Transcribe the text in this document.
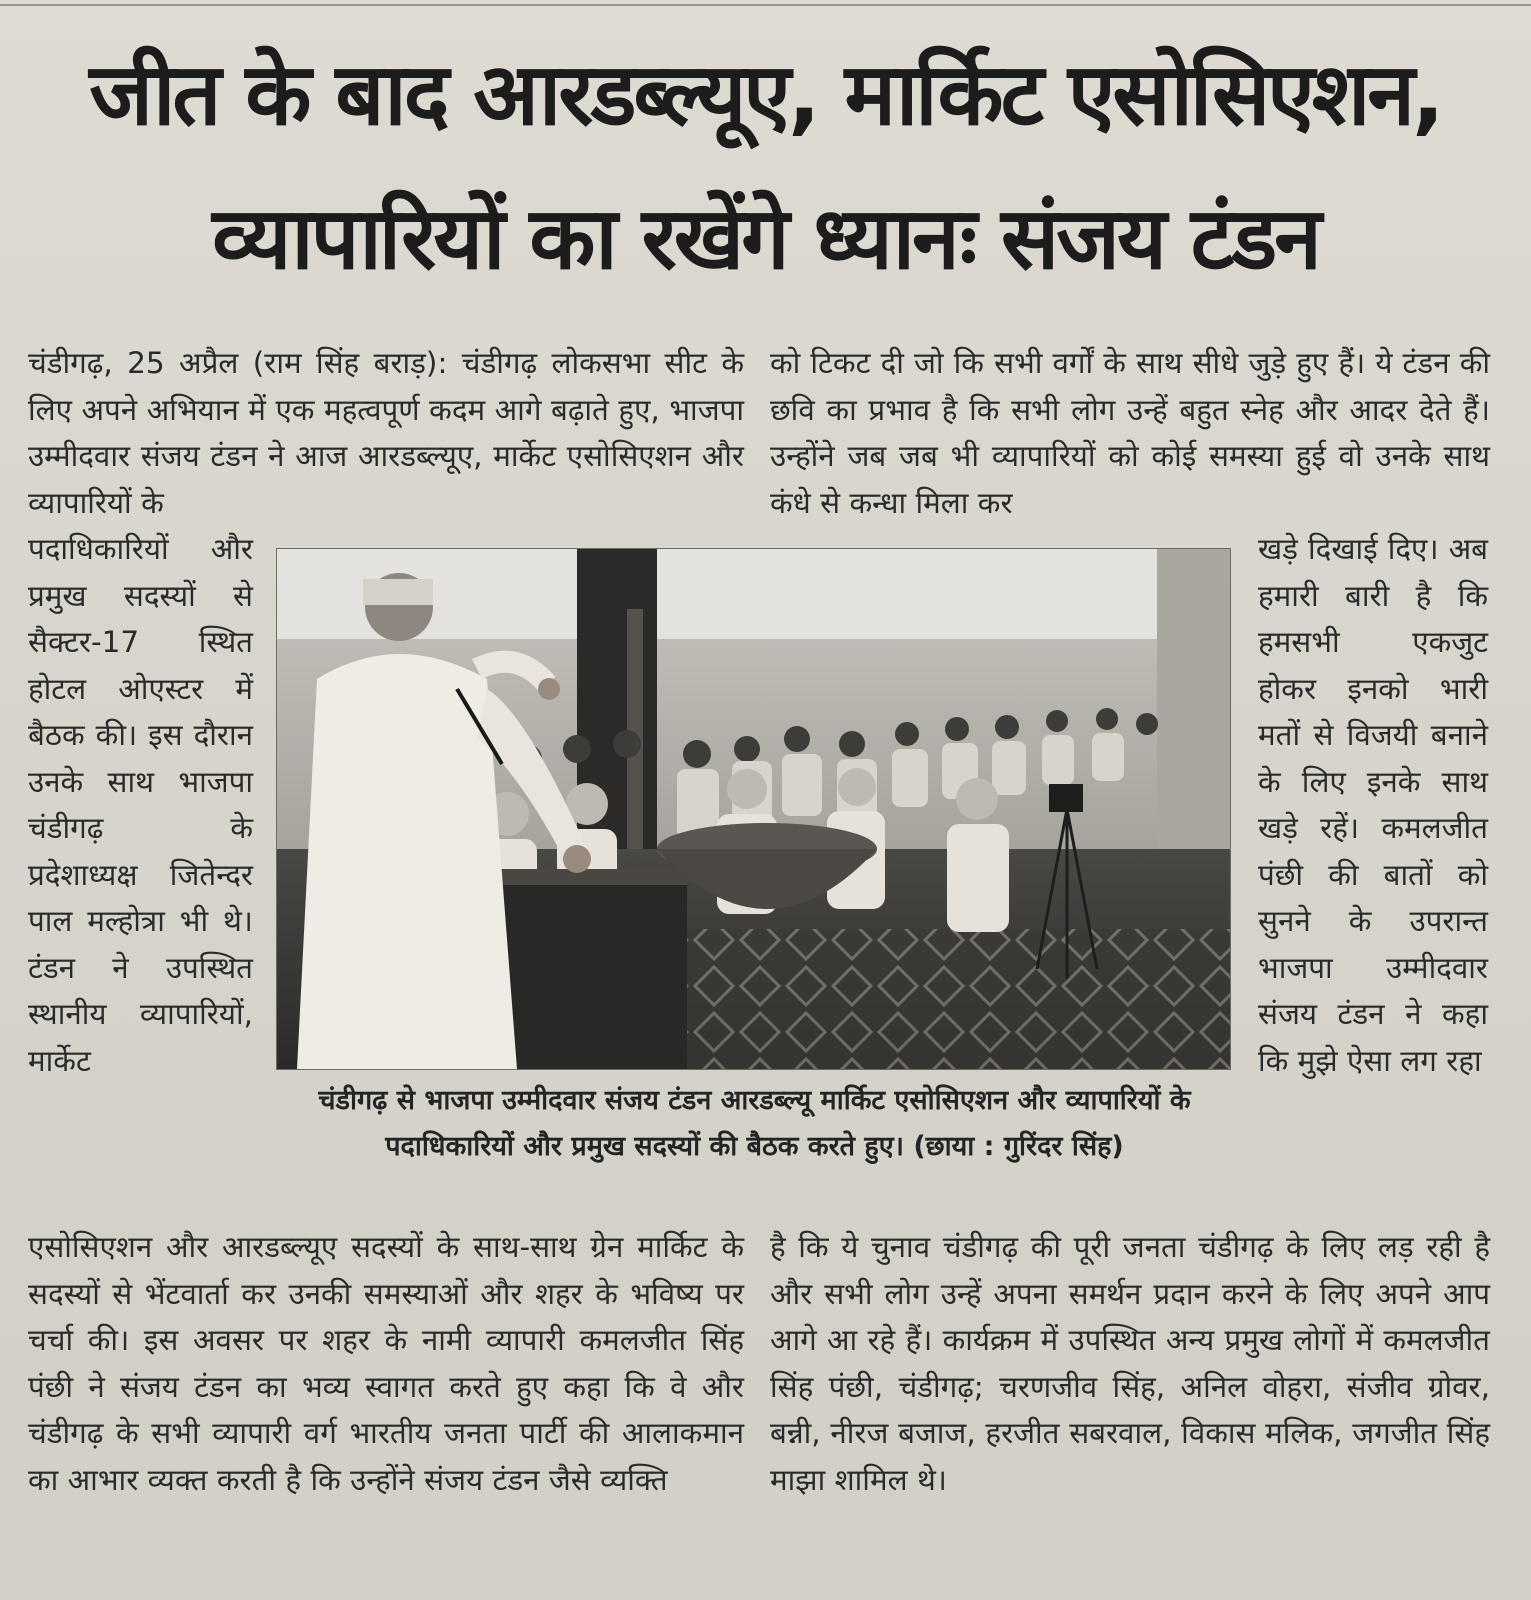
जीत के बाद आरडब्ल्यूए, मार्किट एसोसिएशन,
व्यापारियों का रखेंगे ध्यानः संजय टंडन

चंडीगढ़, 25 अप्रैल (राम सिंह बराड़): चंडीगढ़ लोकसभा सीट के लिए अपने अभियान में एक महत्वपूर्ण कदम आगे बढ़ाते हुए, भाजपा उम्मीदवार संजय टंडन ने आज आरडब्ल्यूए, मार्केट एसोसिएशन और व्यापारियों के

पदाधिकारियों और प्रमुख सदस्यों से सैक्टर-17 स्थित होटल ओएस्टर में बैठक की। इस दौरान उनके साथ भाजपा चंडीगढ़ के प्रदेशाध्यक्ष जितेन्दर पाल मल्होत्रा भी थे। टंडन ने उपस्थित स्थानीय व्यापारियों, मार्केट

को टिकट दी जो कि सभी वर्गों के साथ सीधे जुड़े हुए हैं। ये टंडन की छवि का प्रभाव है कि सभी लोग उन्हें बहुत स्नेह और आदर देते हैं। उन्होंने जब जब भी व्यापारियों को कोई समस्या हुई वो उनके साथ कंधे से कन्धा मिला कर

खड़े दिखाई दिए। अब हमारी बारी है कि हमसभी एकजुट होकर इनको भारी मतों से विजयी बनाने के लिए इनके साथ खड़े रहें। कमलजीत पंछी की बातों को सुनने के उपरान्त भाजपा उम्मीदवार संजय टंडन ने कहा कि मुझे ऐसा लग रहा

चंडीगढ़ से भाजपा उम्मीदवार संजय टंडन आरडब्ल्यू मार्किट एसोसिएशन और व्यापारियों के पदाधिकारियों और प्रमुख सदस्यों की बैठक करते हुए। (छाया : गुरिंदर सिंह)

एसोसिएशन और आरडब्ल्यूए सदस्यों के साथ-साथ ग्रेन मार्किट के सदस्यों से भेंटवार्ता कर उनकी समस्याओं और शहर के भविष्य पर चर्चा की। इस अवसर पर शहर के नामी व्यापारी कमलजीत सिंह पंछी ने संजय टंडन का भव्य स्वागत करते हुए कहा कि वे और चंडीगढ़ के सभी व्यापारी वर्ग भारतीय जनता पार्टी की आलाकमान का आभार व्यक्त करती है कि उन्होंने संजय टंडन जैसे व्यक्ति

है कि ये चुनाव चंडीगढ़ की पूरी जनता चंडीगढ़ के लिए लड़ रही है और सभी लोग उन्हें अपना समर्थन प्रदान करने के लिए अपने आप आगे आ रहे हैं। कार्यक्रम में उपस्थित अन्य प्रमुख लोगों में कमलजीत सिंह पंछी, चंडीगढ़; चरणजीव सिंह, अनिल वोहरा, संजीव ग्रोवर, बन्नी, नीरज बजाज, हरजीत सबरवाल, विकास मलिक, जगजीत सिंह माझा शामिल थे।
